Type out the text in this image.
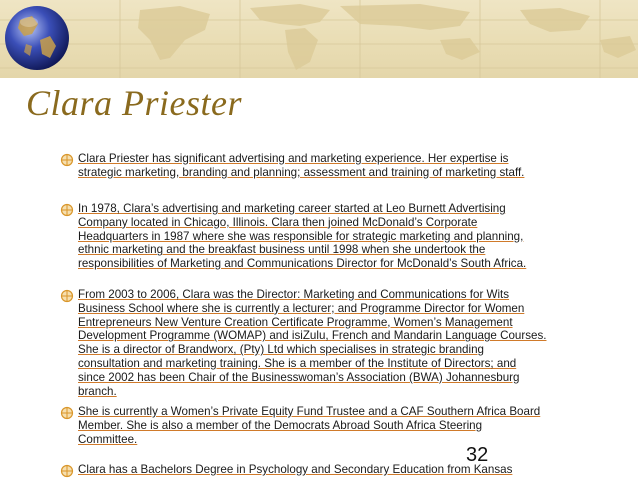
Clara Priester

Clara Priester has significant advertising and marketing experience. Her expertise is
strategic marketing, branding and planning; assessment and training of marketing staff.

In 1978, Clara’s advertising and marketing career started at Leo Burnett Advertising
Company located in Chicago, Illinois. Clara then joined McDonald’s Corporate
Headquarters in 1987 where she was responsible for strategic marketing and planning,
ethnic marketing and the breakfast business until 1998 when she undertook the
responsibilities of Marketing and Communications Director for McDonald’s South Africa.

From 2003 to 2006, Clara was the Director: Marketing and Communications for Wits
Business School where she is currently a lecturer; and Programme Director for Women
Entrepreneurs New Venture Creation Certificate Programme, Women’s Management
Development Programme (WOMAP) and isiZulu, French and Mandarin Language Courses.
She is a director of Brandworx, (Pty) Ltd which specialises in strategic branding
consultation and marketing training. She is a member of the Institute of Directors; and
since 2002 has been Chair of the Businesswoman’s Association (BWA) Johannesburg
branch.

She is currently a Women’s Private Equity Fund Trustee and a CAF Southern Africa Board
Member. She is also a member of the Democrats Abroad South Africa Steering
Committee.

Clara has a Bachelors Degree in Psychology and Secondary Education from Kansas

32
